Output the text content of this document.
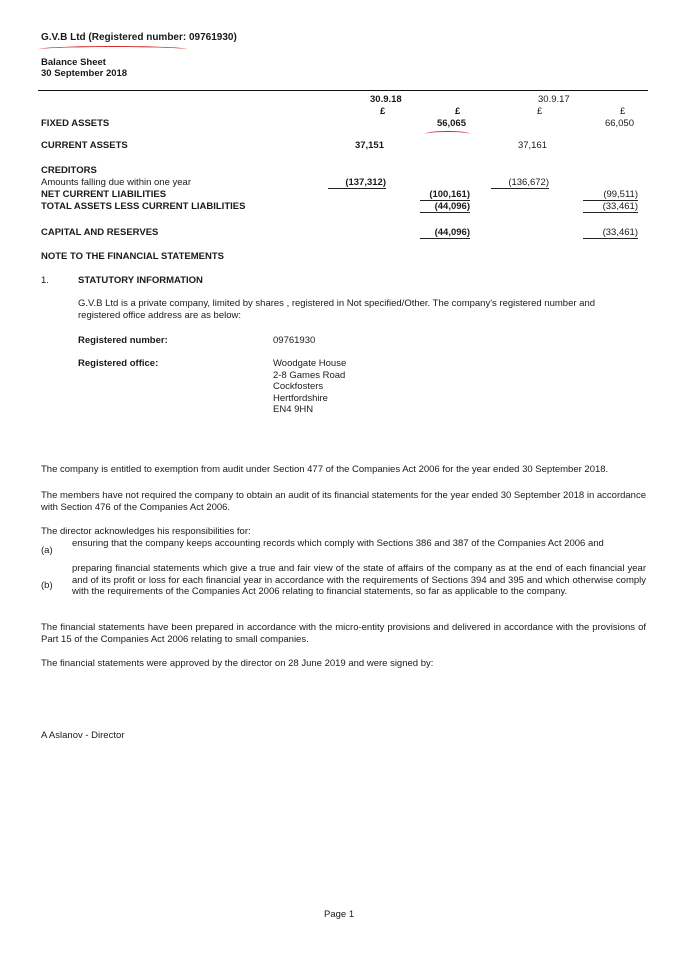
G.V.B Ltd (Registered number: 09761930)
Balance Sheet
30 September 2018
30.9.18
£	£
30.9.17
£	£
FIXED ASSETS	56,065	66,050
CURRENT ASSETS	37,151	37,161
CREDITORS
Amounts falling due within one year	(137,312)	(136,672)
NET CURRENT LIABILITIES	(100,161)	(99,511)
TOTAL ASSETS LESS CURRENT LIABILITIES	(44,096)	(33,461)
CAPITAL AND RESERVES	(44,096)	(33,461)
NOTE TO THE FINANCIAL STATEMENTS
1.	STATUTORY INFORMATION
G.V.B Ltd is a private company, limited by shares , registered in Not specified/Other. The company's registered number and registered office address are as below:
Registered number:	09761930
Registered office:	Woodgate House
2-8 Games Road
Cockfosters
Hertfordshire
EN4 9HN
The company is entitled to exemption from audit under Section 477 of the Companies Act 2006 for the year ended 30 September 2018.
The members have not required the company to obtain an audit of its financial statements for the year ended 30 September 2018 in accordance with Section 476 of the Companies Act 2006.
The director acknowledges his responsibilities for:
(a)
ensuring that the company keeps accounting records which comply with Sections 386 and 387 of the Companies Act 2006 and
(b)
preparing financial statements which give a true and fair view of the state of affairs of the company as at the end of each financial year and of its profit or loss for each financial year in accordance with the requirements of Sections 394 and 395 and which otherwise comply with the requirements of the Companies Act 2006 relating to financial statements, so far as applicable to the company.
The financial statements have been prepared in accordance with the micro-entity provisions and delivered in accordance with the provisions of Part 15 of the Companies Act 2006 relating to small companies.
The financial statements were approved by the director on 28 June 2019 and were signed by:
A Aslanov - Director
Page 1
